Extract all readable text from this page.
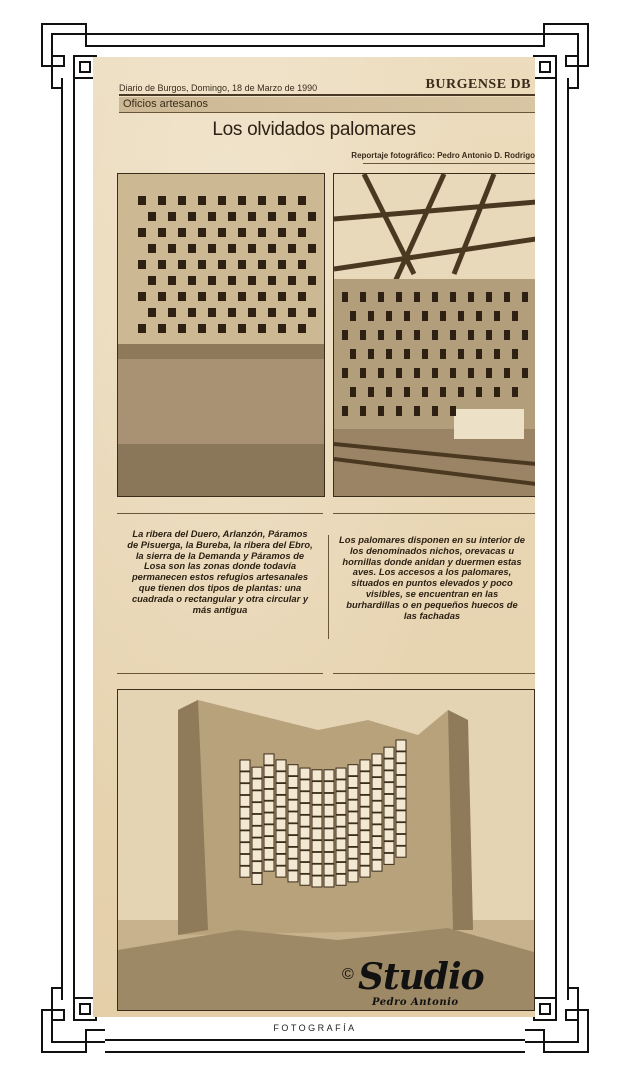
Diario de Burgos, Domingo, 18 de Marzo de 1990	BURGENSE DB
Oficios artesanos
Los olvidados palomares
Reportaje fotográfico: Pedro Antonio D. Rodrigo
La ribera del Duero, Arlanzón, Páramos de Pisuerga, la Bureba, la ribera del Ebro, la sierra de la Demanda y Páramos de Losa son las zonas donde todavía permanecen estos refugios artesanales que tienen dos tipos de plantas: una cuadrada o rectangular y otra circular y más antigua
Los palomares disponen en su interior de los denominados nichos, orevacas u hornillas donde anidan y duermen estas aves. Los accesos a los palomares, situados en puntos elevados y poco visibles, se encuentran en las burhardillas o en pequeños huecos de las fachadas
© Studio
Pedro Antonio
FOTOGRAFÍA
